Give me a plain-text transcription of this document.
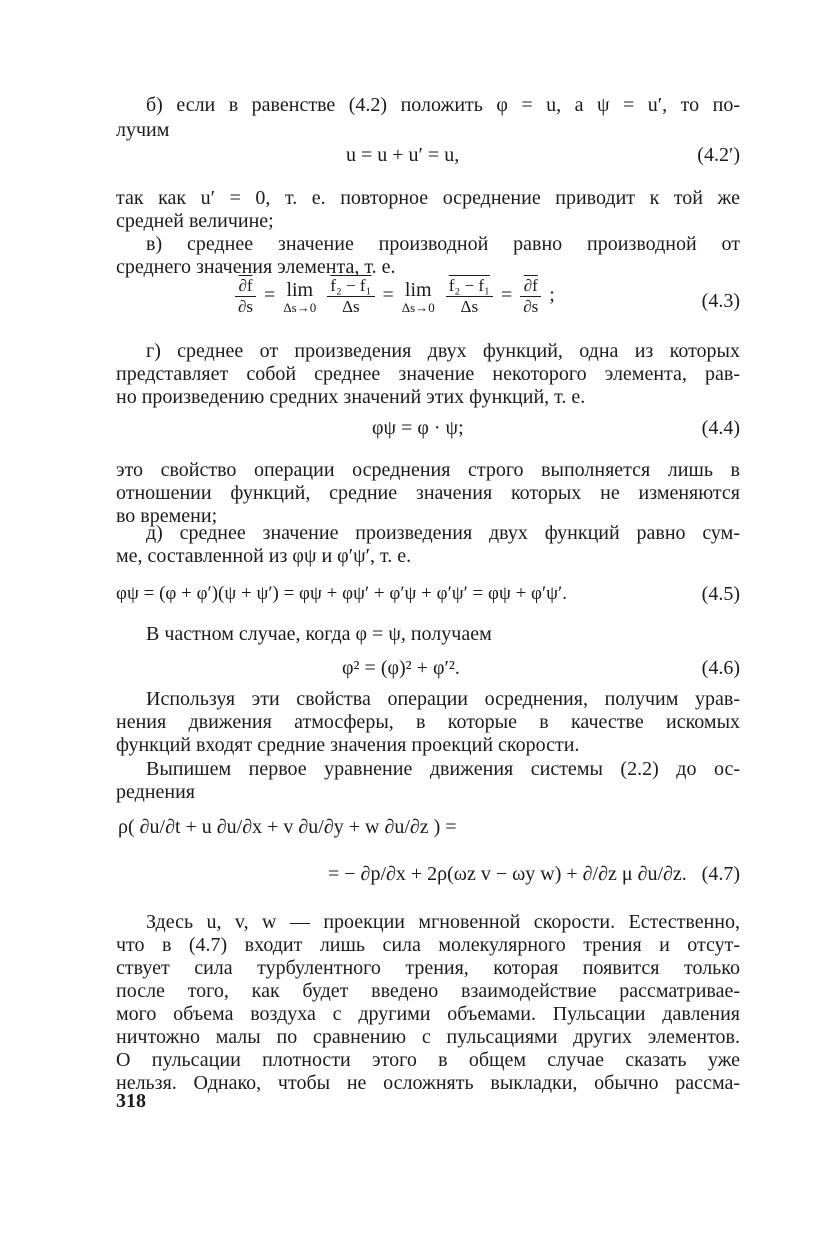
б) если в равенстве (4.2) положить φ = u, а ψ = u′, то по-
лучим
u = u + u′ = u,	(4.2′)
так как u′ = 0, т. е. повторное осреднение приводит к той же
средней величине;
в) среднее значение производной равно производной от
среднего значения элемента, т. е.
$\frac{\partial f}{\partial s} = \lim$
Δs→0
$\frac{\text{f₂ − f₁}}{\Delta s} = \lim$
Δs→0
$\frac{\text{f₂ − f₁}}{\Delta s} = \frac{\partial f}{\partial s}$ ;	(4.3)
г) среднее от произведения двух функций, одна из которых
представляет собой среднее значение некоторого элемента, рав-
но произведению средних значений этих функций, т. е.
φψ = φ · ψ;	(4.4)
это свойство операции осреднения строго выполняется лишь в
отношении функций, средние значения которых не изменяются
во времени;
д) среднее значение произведения двух функций равно сум-
ме, составленной из φψ и φ′ψ′, т. е.
φψ = (φ + φ′)(ψ + ψ′) = φψ + φψ′ + φ′ψ + φ′ψ′ = φψ + φ′ψ′.	(4.5)
В частном случае, когда φ = ψ, получаем
φ² = (φ)² + φ′².	(4.6)
Используя эти свойства операции осреднения, получим урав-
нения движения атмосферы, в которые в качестве искомых
функций входят средние значения проекций скорости.
Выпишем первое уравнение движения системы (2.2) до ос-
реднения
ρ( ∂u/∂t + u ∂u/∂x + v ∂u/∂y + w ∂u/∂z ) =
= − ∂p/∂x + 2ρ(ωz v − ωy w) + ∂/∂z μ ∂u/∂z. (4.7)
Здесь u, v, w — проекции мгновенной скорости. Естественно,
что в (4.7) входит лишь сила молекулярного трения и отсут-
ствует сила турбулентного трения, которая появится только
после того, как будет введено взаимодействие рассматривае-
мого объема воздуха с другими объемами. Пульсации давления
ничтожно малы по сравнению с пульсациями других элементов.
О пульсации плотности этого в общем случае сказать уже
нельзя. Однако, чтобы не осложнять выкладки, обычно рассма-
318
